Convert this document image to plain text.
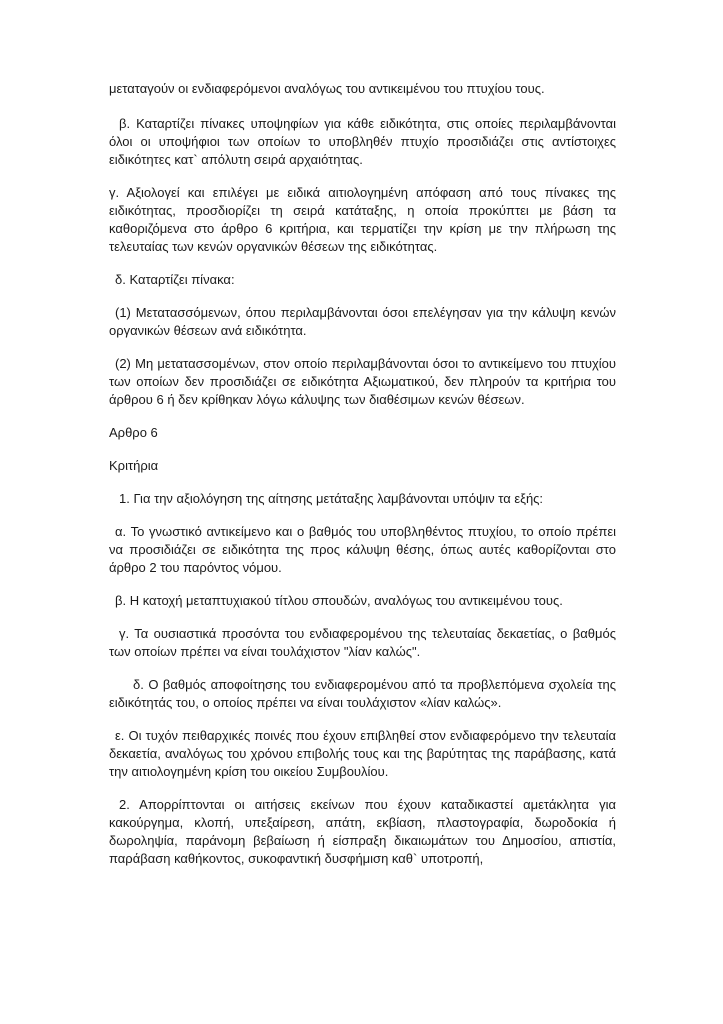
μεταταγούν οι ενδιαφερόμενοι αναλόγως του αντικειμένου του πτυχίου τους.

β. Καταρτίζει πίνακες υποψηφίων για κάθε ειδικότητα, στις οποίες περιλαμβάνονται όλοι οι υποψήφιοι των οποίων το υποβληθέν πτυχίο προσιδιάζει στις αντίστοιχες ειδικότητες κατ` απόλυτη σειρά αρχαιότητας.

γ. Αξιολογεί και επιλέγει με ειδικά αιτιολογημένη απόφαση από τους πίνακες της ειδικότητας, προσδιορίζει τη σειρά κατάταξης, η οποία προκύπτει με βάση τα καθοριζόμενα στο άρθρο 6 κριτήρια, και τερματίζει την κρίση με την πλήρωση της τελευταίας των κενών οργανικών θέσεων της ειδικότητας.

δ. Καταρτίζει πίνακα:

(1) Μετατασσόμενων, όπου περιλαμβάνονται όσοι επελέγησαν για την κάλυψη κενών οργανικών θέσεων ανά ειδικότητα.

(2) Μη μετατασσομένων, στον οποίο περιλαμβάνονται όσοι το αντικείμενο του πτυχίου των οποίων δεν προσιδιάζει σε ειδικότητα Αξιωματικού, δεν πληρούν τα κριτήρια του άρθρου 6 ή δεν κρίθηκαν λόγω κάλυψης των διαθέσιμων κενών θέσεων.

Αρθρο 6

Κριτήρια

1. Για την αξιολόγηση της αίτησης μετάταξης λαμβάνονται υπόψιν τα εξής:

α. Το γνωστικό αντικείμενο και ο βαθμός του υποβληθέντος πτυχίου, το οποίο πρέπει να προσιδιάζει σε ειδικότητα της προς κάλυψη θέσης, όπως αυτές καθορίζονται στο άρθρο 2 του παρόντος νόμου.

β. Η κατοχή μεταπτυχιακού τίτλου σπουδών, αναλόγως του αντικειμένου τους.

γ. Τα ουσιαστικά προσόντα του ενδιαφερομένου της τελευταίας δεκαετίας, ο βαθμός των οποίων πρέπει να είναι τουλάχιστον "λίαν καλώς".

δ. Ο βαθμός αποφοίτησης του ενδιαφερομένου από τα προβλεπόμενα σχολεία της ειδικότητάς του, ο οποίος πρέπει να είναι τουλάχιστον «λίαν καλώς».

ε. Οι τυχόν πειθαρχικές ποινές που έχουν επιβληθεί στον ενδιαφερόμενο την τελευταία δεκαετία, αναλόγως του χρόνου επιβολής τους και της βαρύτητας της παράβασης, κατά την αιτιολογημένη κρίση του οικείου Συμβουλίου.

2. Απορρίπτονται οι αιτήσεις εκείνων που έχουν καταδικαστεί αμετάκλητα για κακούργημα, κλοπή, υπεξαίρεση, απάτη, εκβίαση, πλαστογραφία, δωροδοκία ή δωροληψία, παράνομη βεβαίωση ή είσπραξη δικαιωμάτων του Δημοσίου, απιστία, παράβαση καθήκοντος, συκοφαντική δυσφήμιση καθ` υποτροπή,
